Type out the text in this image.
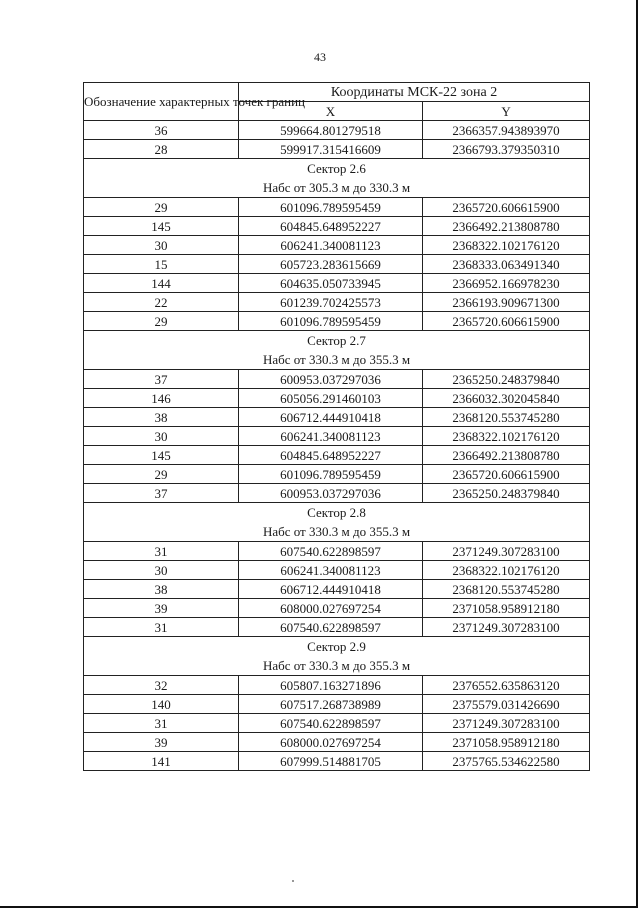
43
Обозначение характерных точек границ	Координаты МСК-22 зона 2	
	X	Y
36	599664.801279518	2366357.943893970
28	599917.315416609	2366793.379350310
Сектор 2.6		
Набс от 305.3 м до 330.3 м		
29	601096.789595459	2365720.606615900
145	604845.648952227	2366492.213808780
30	606241.340081123	2368322.102176120
15	605723.283615669	2368333.063491340
144	604635.050733945	2366952.166978230
22	601239.702425573	2366193.909671300
29	601096.789595459	2365720.606615900
Сектор 2.7		
Набс от 330.3 м до 355.3 м		
37	600953.037297036	2365250.248379840
146	605056.291460103	2366032.302045840
38	606712.444910418	2368120.553745280
30	606241.340081123	2368322.102176120
145	604845.648952227	2366492.213808780
29	601096.789595459	2365720.606615900
37	600953.037297036	2365250.248379840
Сектор 2.8		
Набс от 330.3 м до 355.3 м		
31	607540.622898597	2371249.307283100
30	606241.340081123	2368322.102176120
38	606712.444910418	2368120.553745280
39	608000.027697254	2371058.958912180
31	607540.622898597	2371249.307283100
Сектор 2.9		
Набс от 330.3 м до 355.3 м		
32	605807.163271896	2376552.635863120
140	607517.268738989	2375579.031426690
31	607540.622898597	2371249.307283100
39	608000.027697254	2371058.958912180
141	607999.514881705	2375765.534622580
